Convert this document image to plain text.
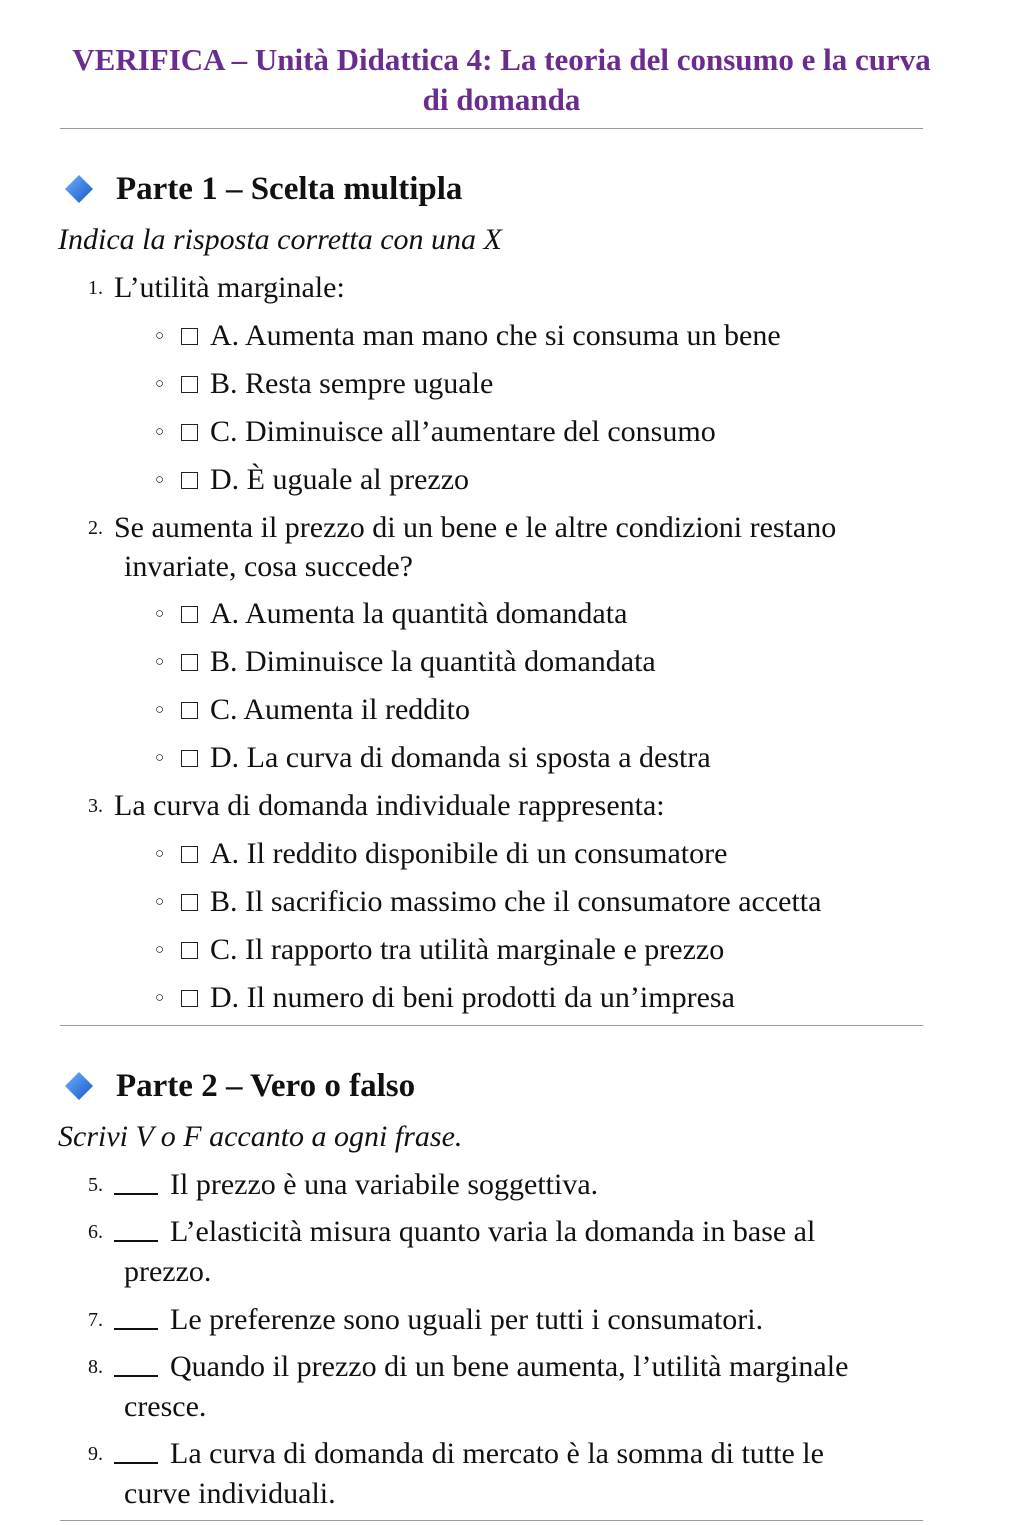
VERIFICA – Unità Didattica 4: La teoria del consumo e la curva di domanda
Parte 1 – Scelta multipla
Indica la risposta corretta con una X
1. L’utilità marginale:
○	A. Aumenta man mano che si consuma un bene
○	B. Resta sempre uguale
○	C. Diminuisce all’aumentare del consumo
○	D. È uguale al prezzo
2. Se aumenta il prezzo di un bene e le altre condizioni restano
invariate, cosa succede?
○	A. Aumenta la quantità domandata
○	B. Diminuisce la quantità domandata
○	C. Aumenta il reddito
○	D. La curva di domanda si sposta a destra
3. La curva di domanda individuale rappresenta:
○	A. Il reddito disponibile di un consumatore
○	B. Il sacrificio massimo che il consumatore accetta
○	C. Il rapporto tra utilità marginale e prezzo
○	D. Il numero di beni prodotti da un’impresa
Parte 2 – Vero o falso
Scrivi V o F accanto a ogni frase.
5. Il prezzo è una variabile soggettiva.
6. L’elasticità misura quanto varia la domanda in base al
prezzo.
7. Le preferenze sono uguali per tutti i consumatori.
8. Quando il prezzo di un bene aumenta, l’utilità marginale
cresce.
9. La curva di domanda di mercato è la somma di tutte le
curve individuali.
